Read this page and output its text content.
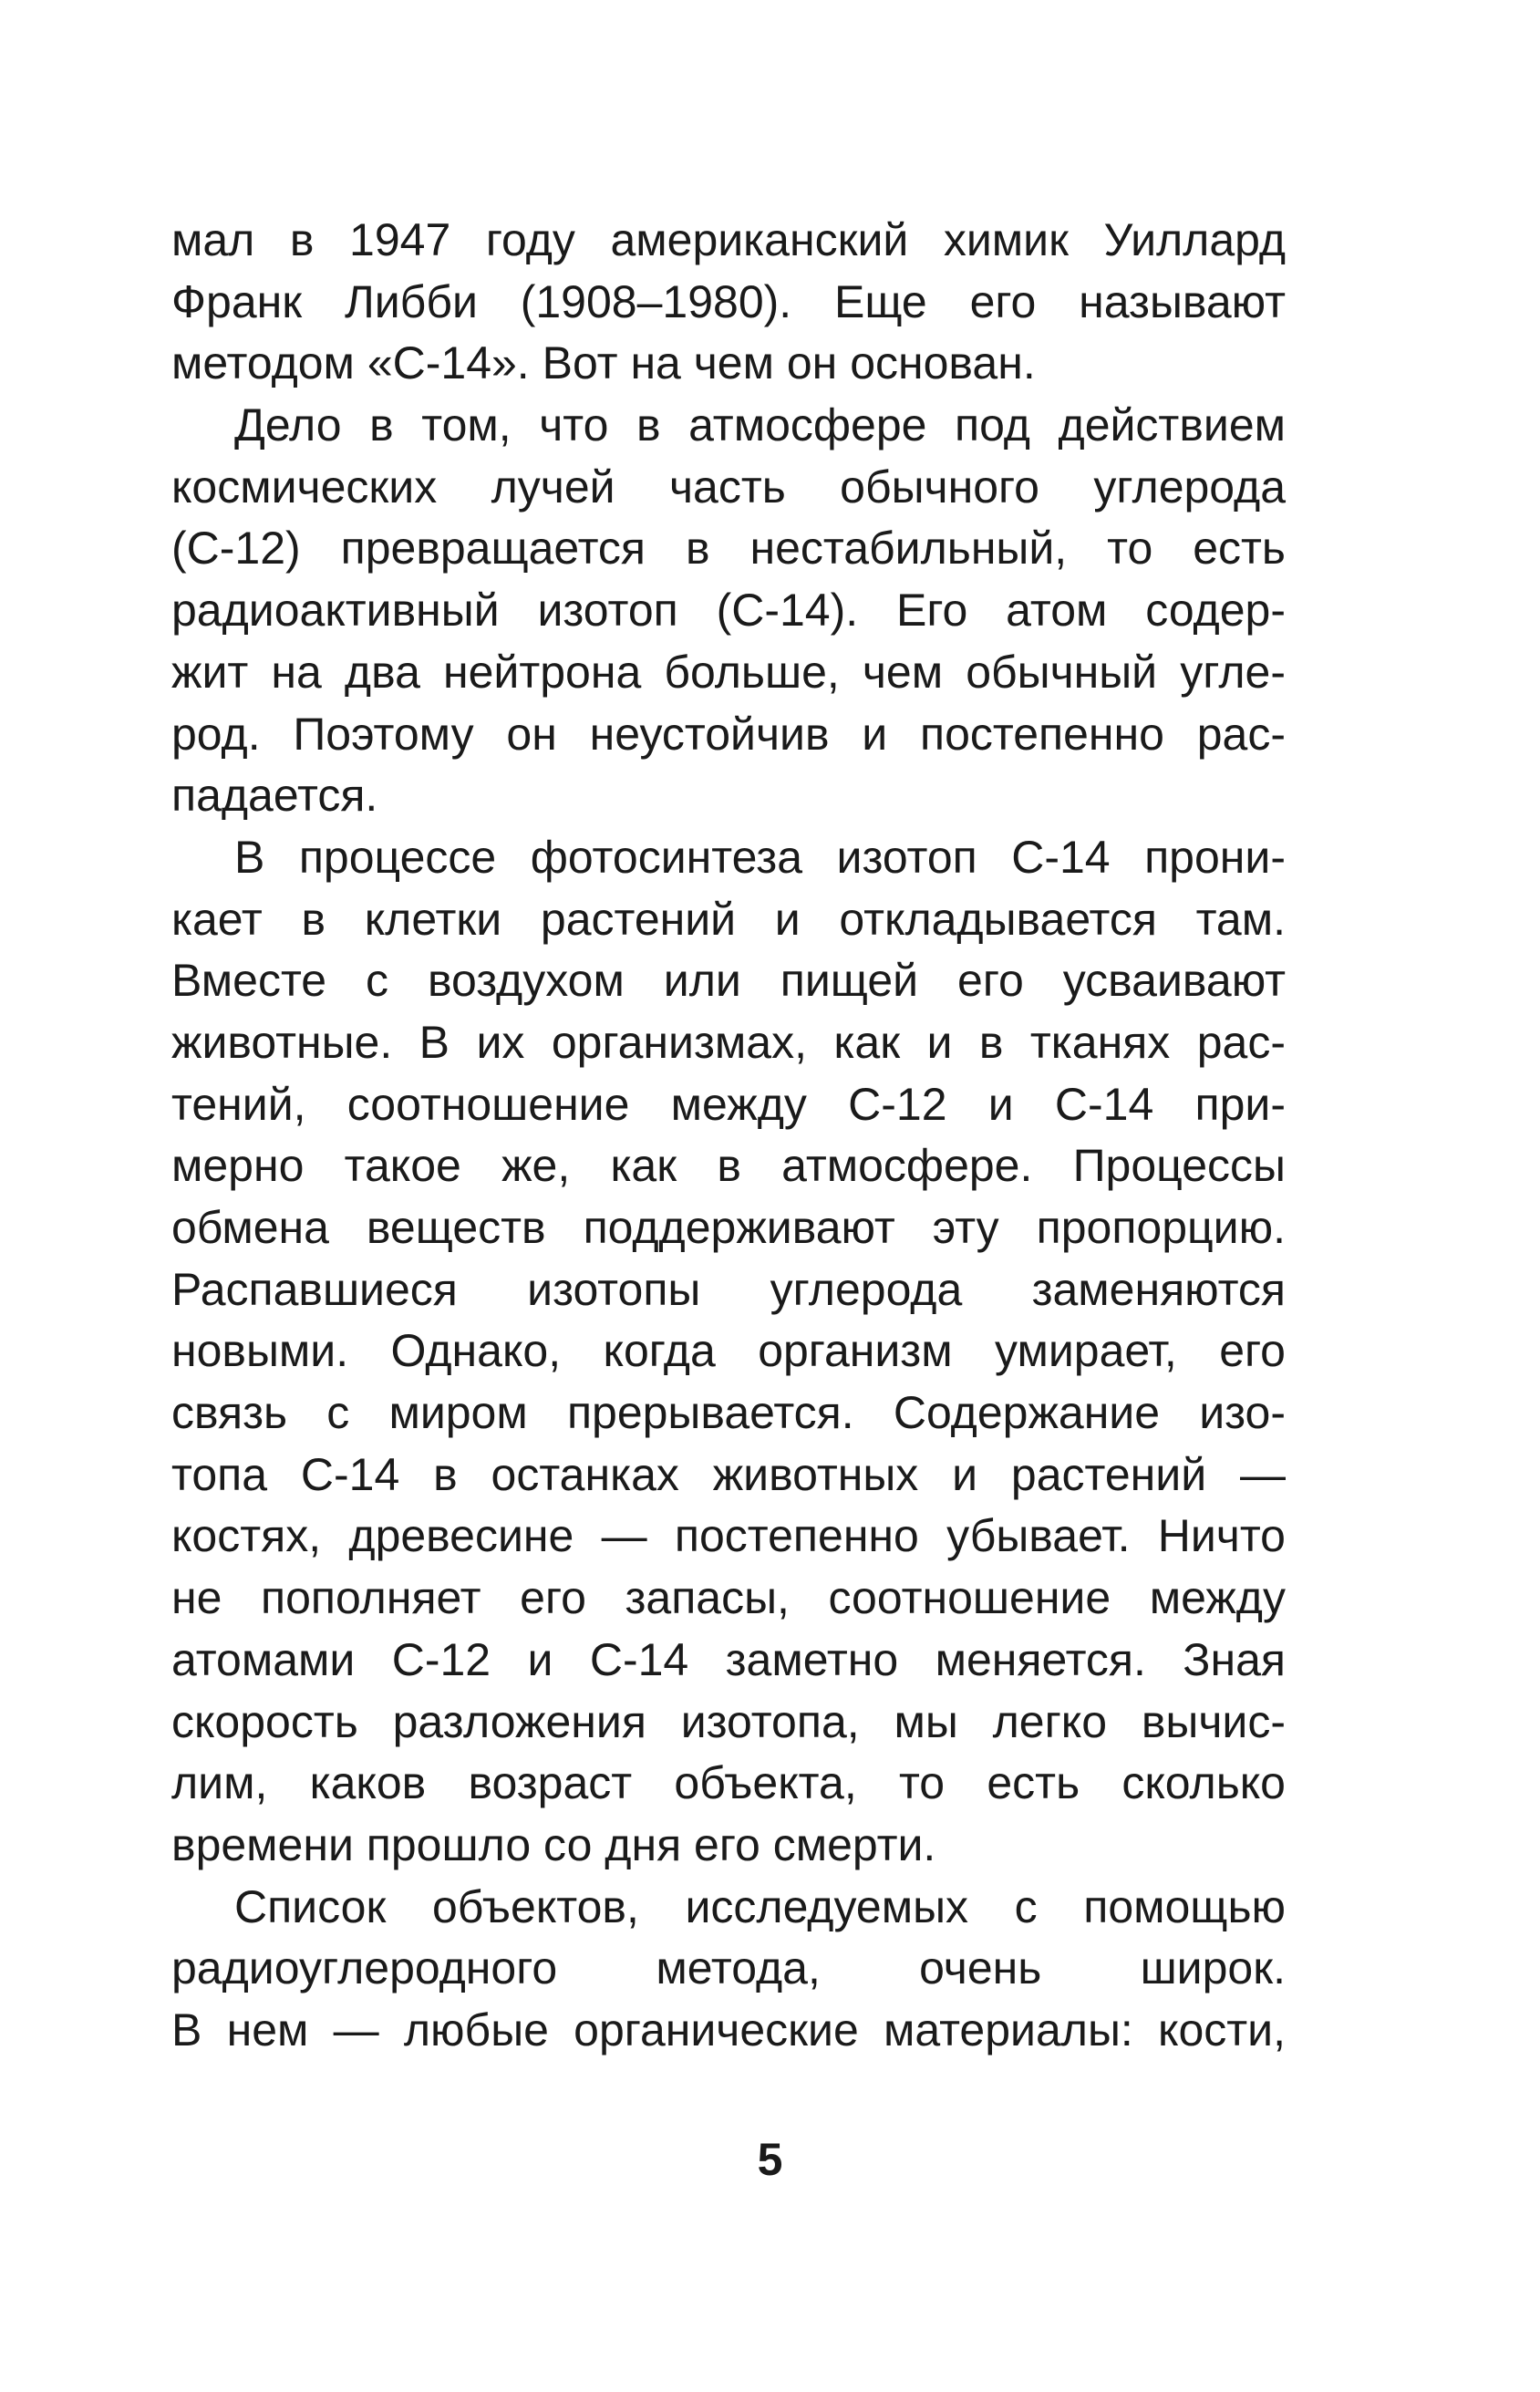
мал в 1947 году американский химик Уиллард
Франк Либби (1908–1980). Еще его называют
методом «С-14». Вот на чем он основан.
Дело в том, что в атмосфере под действием
космических лучей часть обычного углерода
(С-12) превращается в нестабильный, то есть
радиоактивный изотоп (С-14). Его атом содер-
жит на два нейтрона больше, чем обычный угле-
род. Поэтому он неустойчив и постепенно рас-
падается.
В процессе фотосинтеза изотоп С-14 прони-
кает в клетки растений и откладывается там.
Вместе с воздухом или пищей его усваивают
животные. В их организмах, как и в тканях рас-
тений, соотношение между С-12 и С-14 при-
мерно такое же, как в атмосфере. Процессы
обмена веществ поддерживают эту пропорцию.
Распавшиеся изотопы углерода заменяются
новыми. Однако, когда организм умирает, его
связь с миром прерывается. Содержание изо-
топа С-14 в останках животных и растений —
костях, древесине — постепенно убывает. Ничто
не пополняет его запасы, соотношение между
атомами С-12 и С-14 заметно меняется. Зная
скорость разложения изотопа, мы легко вычис-
лим, каков возраст объекта, то есть сколько
времени прошло со дня его смерти.
Список объектов, исследуемых с помощью
радиоуглеродного метода, очень широк.
В нем — любые органические материалы: кости,
5
